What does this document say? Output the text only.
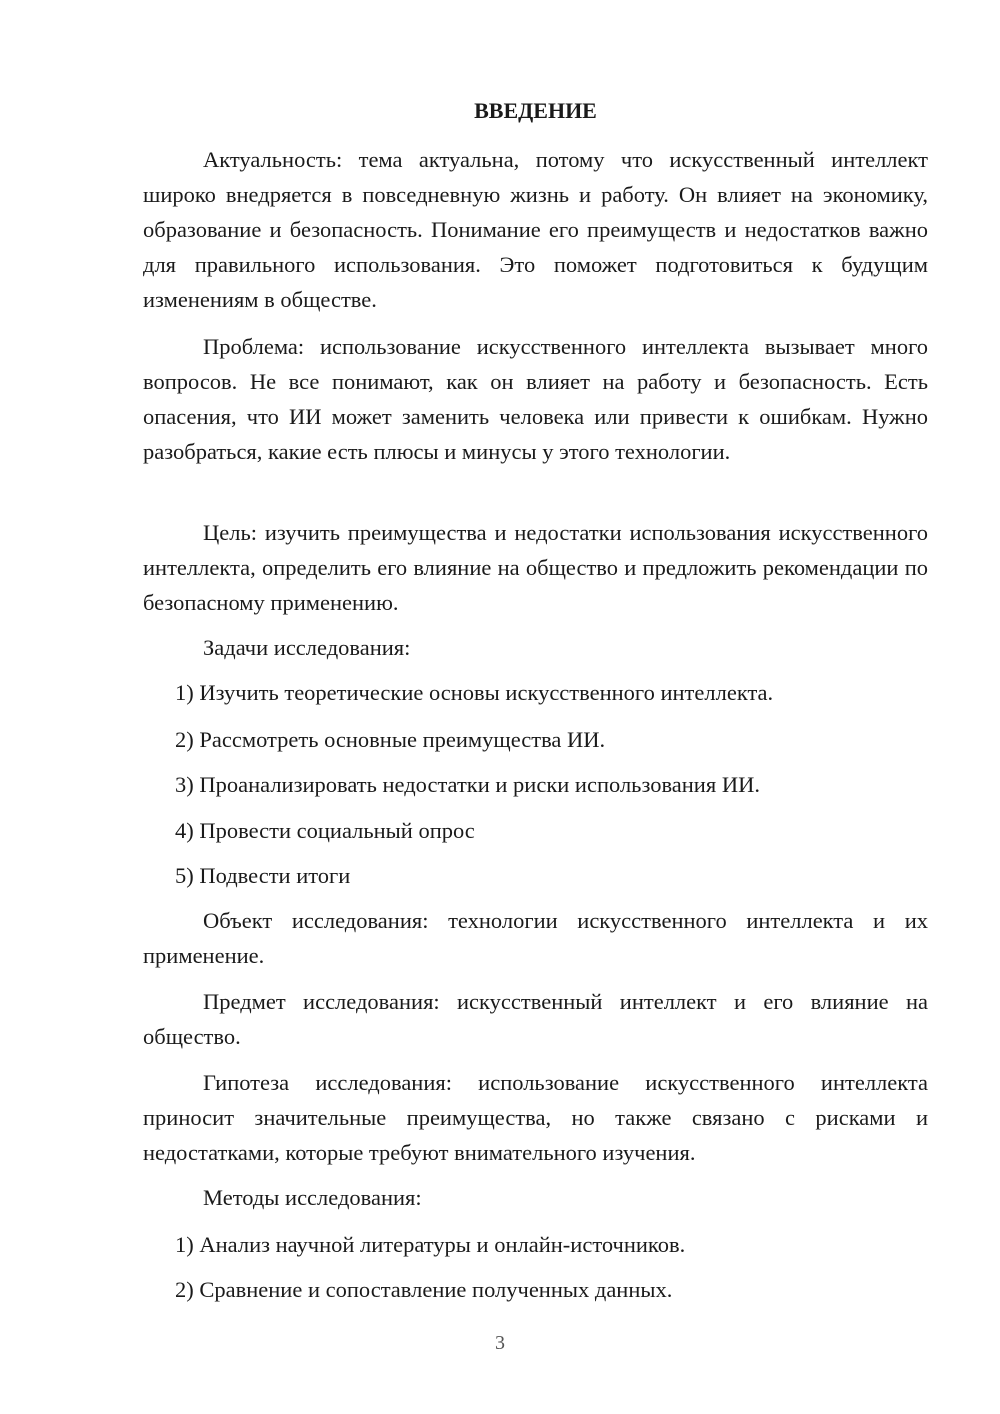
ВВЕДЕНИЕ

Актуальность: тема актуальна, потому что искусственный интеллект широко внедряется в повседневную жизнь и работу. Он влияет на экономику, образование и безопасность. Понимание его преимуществ и недостатков важно для правильного использования. Это поможет подготовиться к будущим изменениям в обществе.

Проблема: использование искусственного интеллекта вызывает много вопросов. Не все понимают, как он влияет на работу и безопасность. Есть опасения, что ИИ может заменить человека или привести к ошибкам. Нужно разобраться, какие есть плюсы и минусы у этого технологии.

Цель: изучить преимущества и недостатки использования искусственного интеллекта, определить его влияние на общество и предложить рекомендации по безопасному применению.

Задачи исследования:

1) Изучить теоретические основы искусственного интеллекта.

2) Рассмотреть основные преимущества ИИ.

3) Проанализировать недостатки и риски использования ИИ.

4) Провести социальный опрос

5) Подвести итоги

Объект исследования: технологии искусственного интеллекта и их применение.

Предмет исследования: искусственный интеллект и его влияние на общество.

Гипотеза исследования: использование искусственного интеллекта приносит значительные преимущества, но также связано с рисками и недостатками, которые требуют внимательного изучения.

Методы исследования:

1) Анализ научной литературы и онлайн-источников.

2) Сравнение и сопоставление полученных данных.

3
